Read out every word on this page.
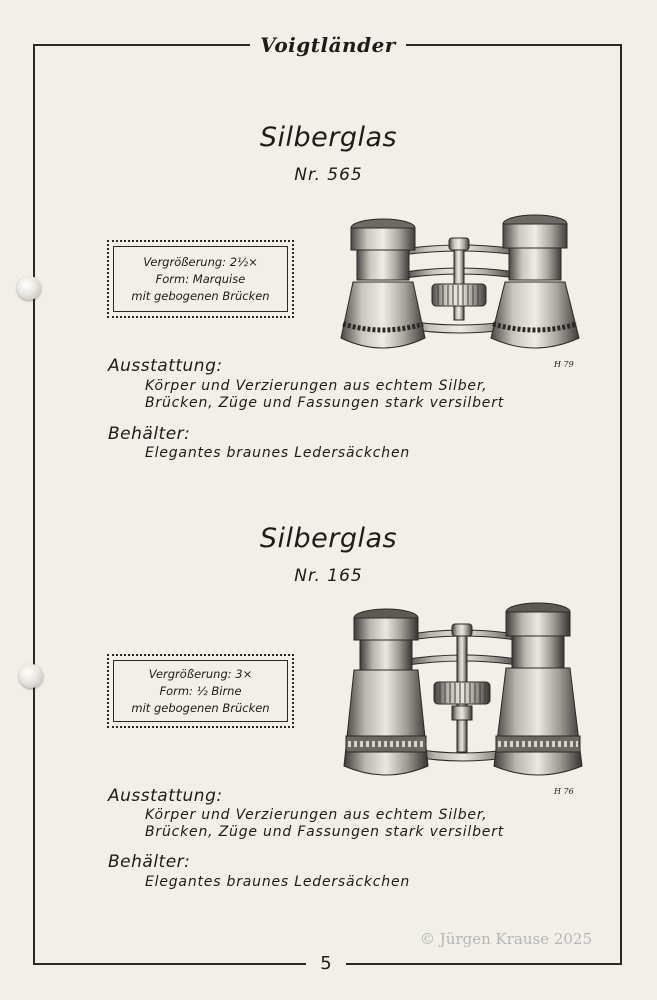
Voigtländer
Silberglas
Nr. 565
Vergrößerung: 2½×
Form: Marquise
mit gebogenen Brücken
H 79
Ausstattung:
Körper und Verzierungen aus echtem Silber,
Brücken, Züge und Fassungen stark versilbert
Behälter:
Elegantes braunes Ledersäckchen
Silberglas
Nr. 165
Vergrößerung: 3×
Form: ½ Birne
mit gebogenen Brücken
H 76
Ausstattung:
Körper und Verzierungen aus echtem Silber,
Brücken, Züge und Fassungen stark versilbert
Behälter:
Elegantes braunes Ledersäckchen
© Jürgen Krause 2025
5
